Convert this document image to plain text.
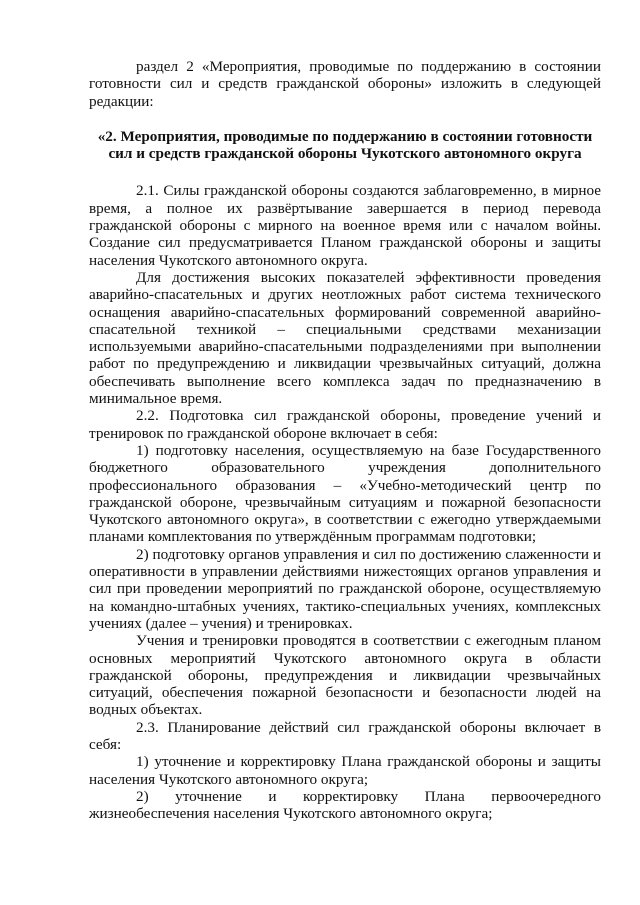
раздел 2 «Мероприятия, проводимые по поддержанию в состоянии готовности сил и средств гражданской обороны» изложить в следующей редакции:

«2. Мероприятия, проводимые по поддержанию в состоянии готовности
сил и средств гражданской обороны Чукотского автономного округа

2.1. Силы гражданской обороны создаются заблаговременно, в мирное время, а полное их развёртывание завершается в период перевода гражданской обороны с мирного на военное время или с началом войны. Создание сил предусматривается Планом гражданской обороны и защиты населения Чукотского автономного округа.

Для достижения высоких показателей эффективности проведения аварийно-спасательных и других неотложных работ система технического оснащения аварийно-спасательных формирований современной аварийно-спасательной техникой – специальными средствами механизации используемыми аварийно-спасательными подразделениями при выполнении работ по предупреждению и ликвидации чрезвычайных ситуаций, должна обеспечивать выполнение всего комплекса задач по предназначению в минимальное время.

2.2. Подготовка сил гражданской обороны, проведение учений и тренировок по гражданской обороне включает в себя:

1) подготовку населения, осуществляемую на базе Государственного бюджетного образовательного учреждения дополнительного профессионального образования – «Учебно-методический центр по гражданской обороне, чрезвычайным ситуациям и пожарной безопасности Чукотского автономного округа», в соответствии с ежегодно утверждаемыми планами комплектования по утверждённым программам подготовки;

2) подготовку органов управления и сил по достижению слаженности и оперативности в управлении действиями нижестоящих органов управления и сил при проведении мероприятий по гражданской обороне, осуществляемую на командно-штабных учениях, тактико-специальных учениях, комплексных учениях (далее – учения) и тренировках.

Учения и тренировки проводятся в соответствии с ежегодным планом основных мероприятий Чукотского автономного округа в области гражданской обороны, предупреждения и ликвидации чрезвычайных ситуаций, обеспечения пожарной безопасности и безопасности людей на водных объектах.

2.3. Планирование действий сил гражданской обороны включает в себя:

1) уточнение и корректировку Плана гражданской обороны и защиты населения Чукотского автономного округа;

2) уточнение и корректировку Плана первоочередного жизнеобеспечения населения Чукотского автономного округа;
